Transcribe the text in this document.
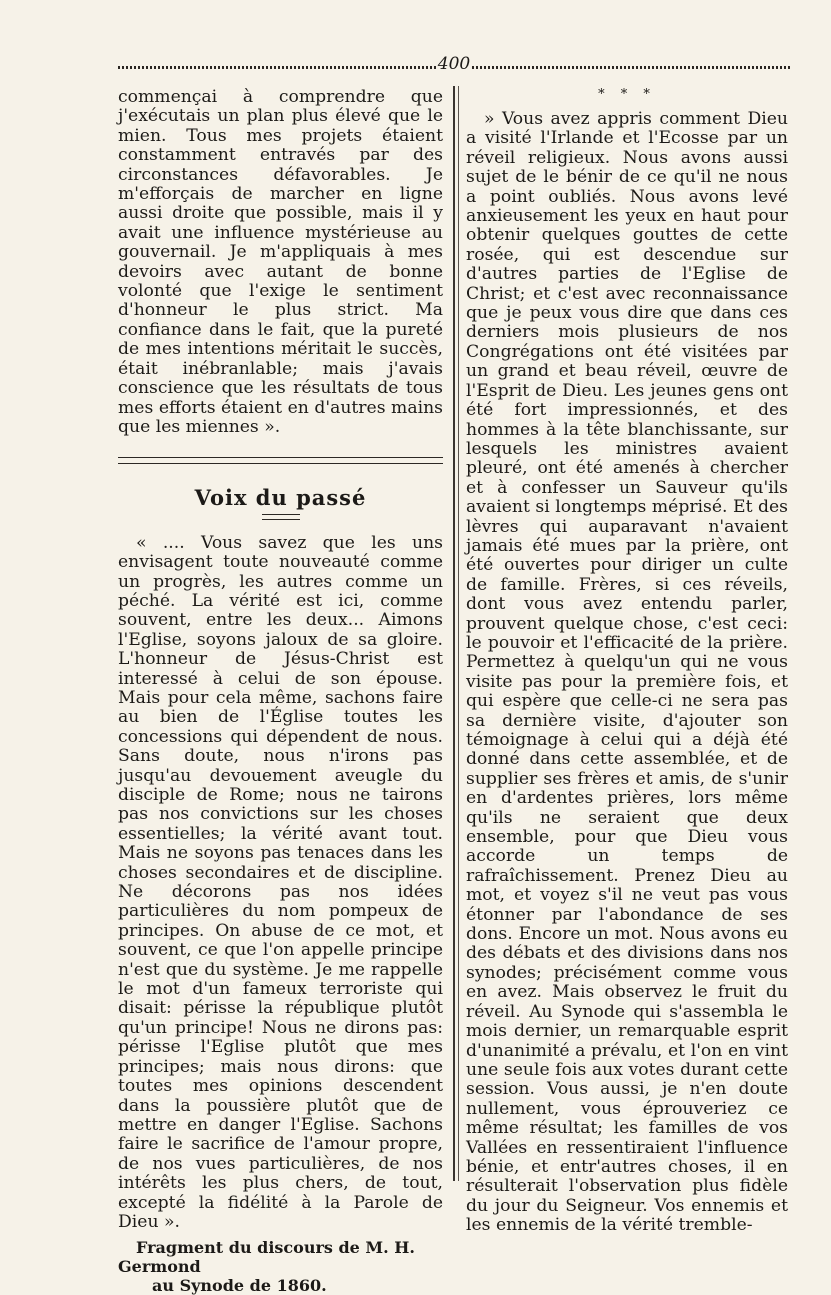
400

commençai à comprendre que j'exécutais un plan plus élevé que le mien. Tous mes projets étaient constamment entravés par des circonstances défavorables. Je m'efforçais de marcher en ligne aussi droite que possible, mais il y avait une influence mystérieuse au gouvernail. Je m'appliquais à mes devoirs avec autant de bonne volonté que l'exige le sentiment d'honneur le plus strict. Ma confiance dans le fait, que la pureté de mes intentions méritait le succès, était inébranlable; mais j'avais conscience que les résultats de tous mes efforts étaient en d'autres mains que les miennes ».

Voix du passé

« .... Vous savez que les uns envisagent toute nouveauté comme un progrès, les autres comme un péché. La vérité est ici, comme souvent, entre les deux... Aimons l'Eglise, soyons jaloux de sa gloire. L'honneur de Jésus-Christ est interessé à celui de son épouse. Mais pour cela même, sachons faire au bien de l'Église toutes les concessions qui dépendent de nous. Sans doute, nous n'irons pas jusqu'au devouement aveugle du disciple de Rome; nous ne tairons pas nos convictions sur les choses essentielles; la vérité avant tout. Mais ne soyons pas tenaces dans les choses secondaires et de discipline. Ne décorons pas nos idées particulières du nom pompeux de principes. On abuse de ce mot, et souvent, ce que l'on appelle principe n'est que du système. Je me rappelle le mot d'un fameux terroriste qui disait: périsse la république plutôt qu'un principe! Nous ne dirons pas: périsse l'Eglise plutôt que mes principes; mais nous dirons: que toutes mes opinions descendent dans la poussière plutôt que de mettre en danger l'Eglise. Sachons faire le sacrifice de l'amour propre, de nos vues particulières, de nos intérêts les plus chers, de tout, excepté la fidélité à la Parole de Dieu ».

Fragment du discours de M. H. Germond
au Synode de 1860.
* * *

» Vous avez appris comment Dieu a visité l'Irlande et l'Ecosse par un réveil religieux. Nous avons aussi sujet de le bénir de ce qu'il ne nous a point oubliés. Nous avons levé anxieusement les yeux en haut pour obtenir quelques gouttes de cette rosée, qui est descendue sur d'autres parties de l'Eglise de Christ; et c'est avec reconnaissance que je peux vous dire que dans ces derniers mois plusieurs de nos Congrégations ont été visitées par un grand et beau réveil, œuvre de l'Esprit de Dieu. Les jeunes gens ont été fort impressionnés, et des hommes à la tête blanchissante, sur lesquels les ministres avaient pleuré, ont été amenés à chercher et à confesser un Sauveur qu'ils avaient si longtemps méprisé. Et des lèvres qui auparavant n'avaient jamais été mues par la prière, ont été ouvertes pour diriger un culte de famille. Frères, si ces réveils, dont vous avez entendu parler, prouvent quelque chose, c'est ceci: le pouvoir et l'efficacité de la prière. Permettez à quelqu'un qui ne vous visite pas pour la première fois, et qui espère que celle-ci ne sera pas sa dernière visite, d'ajouter son témoignage à celui qui a déjà été donné dans cette assemblée, et de supplier ses frères et amis, de s'unir en d'ardentes prières, lors même qu'ils ne seraient que deux ensemble, pour que Dieu vous accorde un temps de rafraîchissement. Prenez Dieu au mot, et voyez s'il ne veut pas vous étonner par l'abondance de ses dons. Encore un mot. Nous avons eu des débats et des divisions dans nos synodes; précisément comme vous en avez. Mais observez le fruit du réveil. Au Synode qui s'assembla le mois dernier, un remarquable esprit d'unanimité a prévalu, et l'on en vint une seule fois aux votes durant cette session. Vous aussi, je n'en doute nullement, vous éprouveriez ce même résultat; les familles de vos Vallées en ressentiraient l'influence bénie, et entr'autres choses, il en résulterait l'observation plus fidèle du jour du Seigneur. Vos ennemis et les ennemis de la vérité tremble-
